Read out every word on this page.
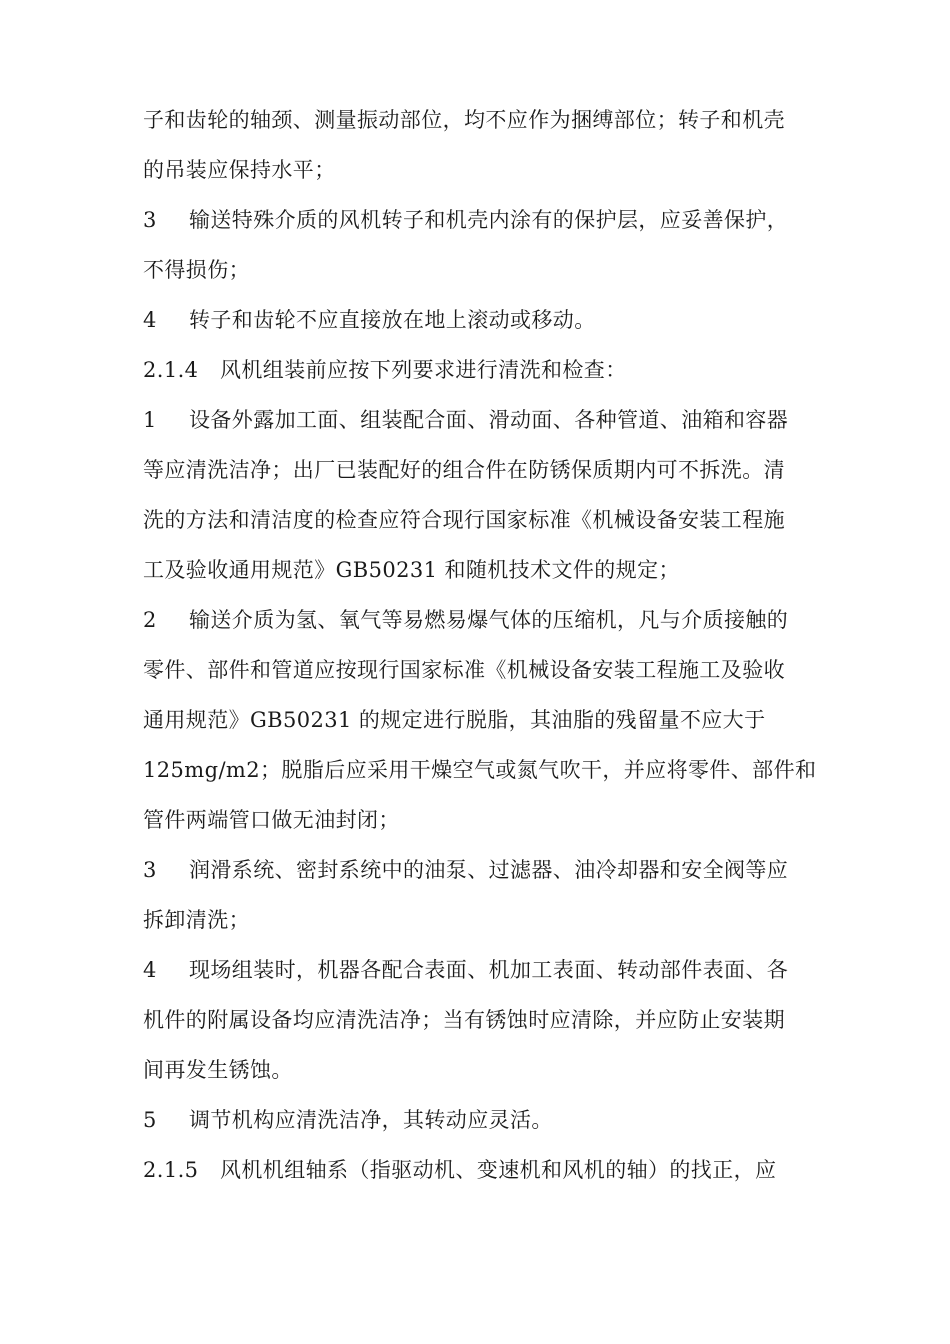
子和齿轮的轴颈、测量振动部位，均不应作为捆缚部位；转子和机壳
的吊装应保持水平；
3 输送特殊介质的风机转子和机壳内涂有的保护层，应妥善保护，
不得损伤；
4 转子和齿轮不应直接放在地上滚动或移动。
2.1.4 风机组装前应按下列要求进行清洗和检查：
1 设备外露加工面、组装配合面、滑动面、各种管道、油箱和容器
等应清洗洁净；出厂已装配好的组合件在防锈保质期内可不拆洗。清
洗的方法和清洁度的检查应符合现行国家标准《机械设备安装工程施
工及验收通用规范》GB50231 和随机技术文件的规定；
2 输送介质为氢、氧气等易燃易爆气体的压缩机，凡与介质接触的
零件、部件和管道应按现行国家标准《机械设备安装工程施工及验收
通用规范》GB50231 的规定进行脱脂，其油脂的残留量不应大于
125mg/m2；脱脂后应采用干燥空气或氮气吹干，并应将零件、部件和
管件两端管口做无油封闭；
3 润滑系统、密封系统中的油泵、过滤器、油冷却器和安全阀等应
拆卸清洗；
4 现场组装时，机器各配合表面、机加工表面、转动部件表面、各
机件的附属设备均应清洗洁净；当有锈蚀时应清除，并应防止安装期
间再发生锈蚀。
5 调节机构应清洗洁净，其转动应灵活。
2.1.5 风机机组轴系（指驱动机、变速机和风机的轴）的找正，应
